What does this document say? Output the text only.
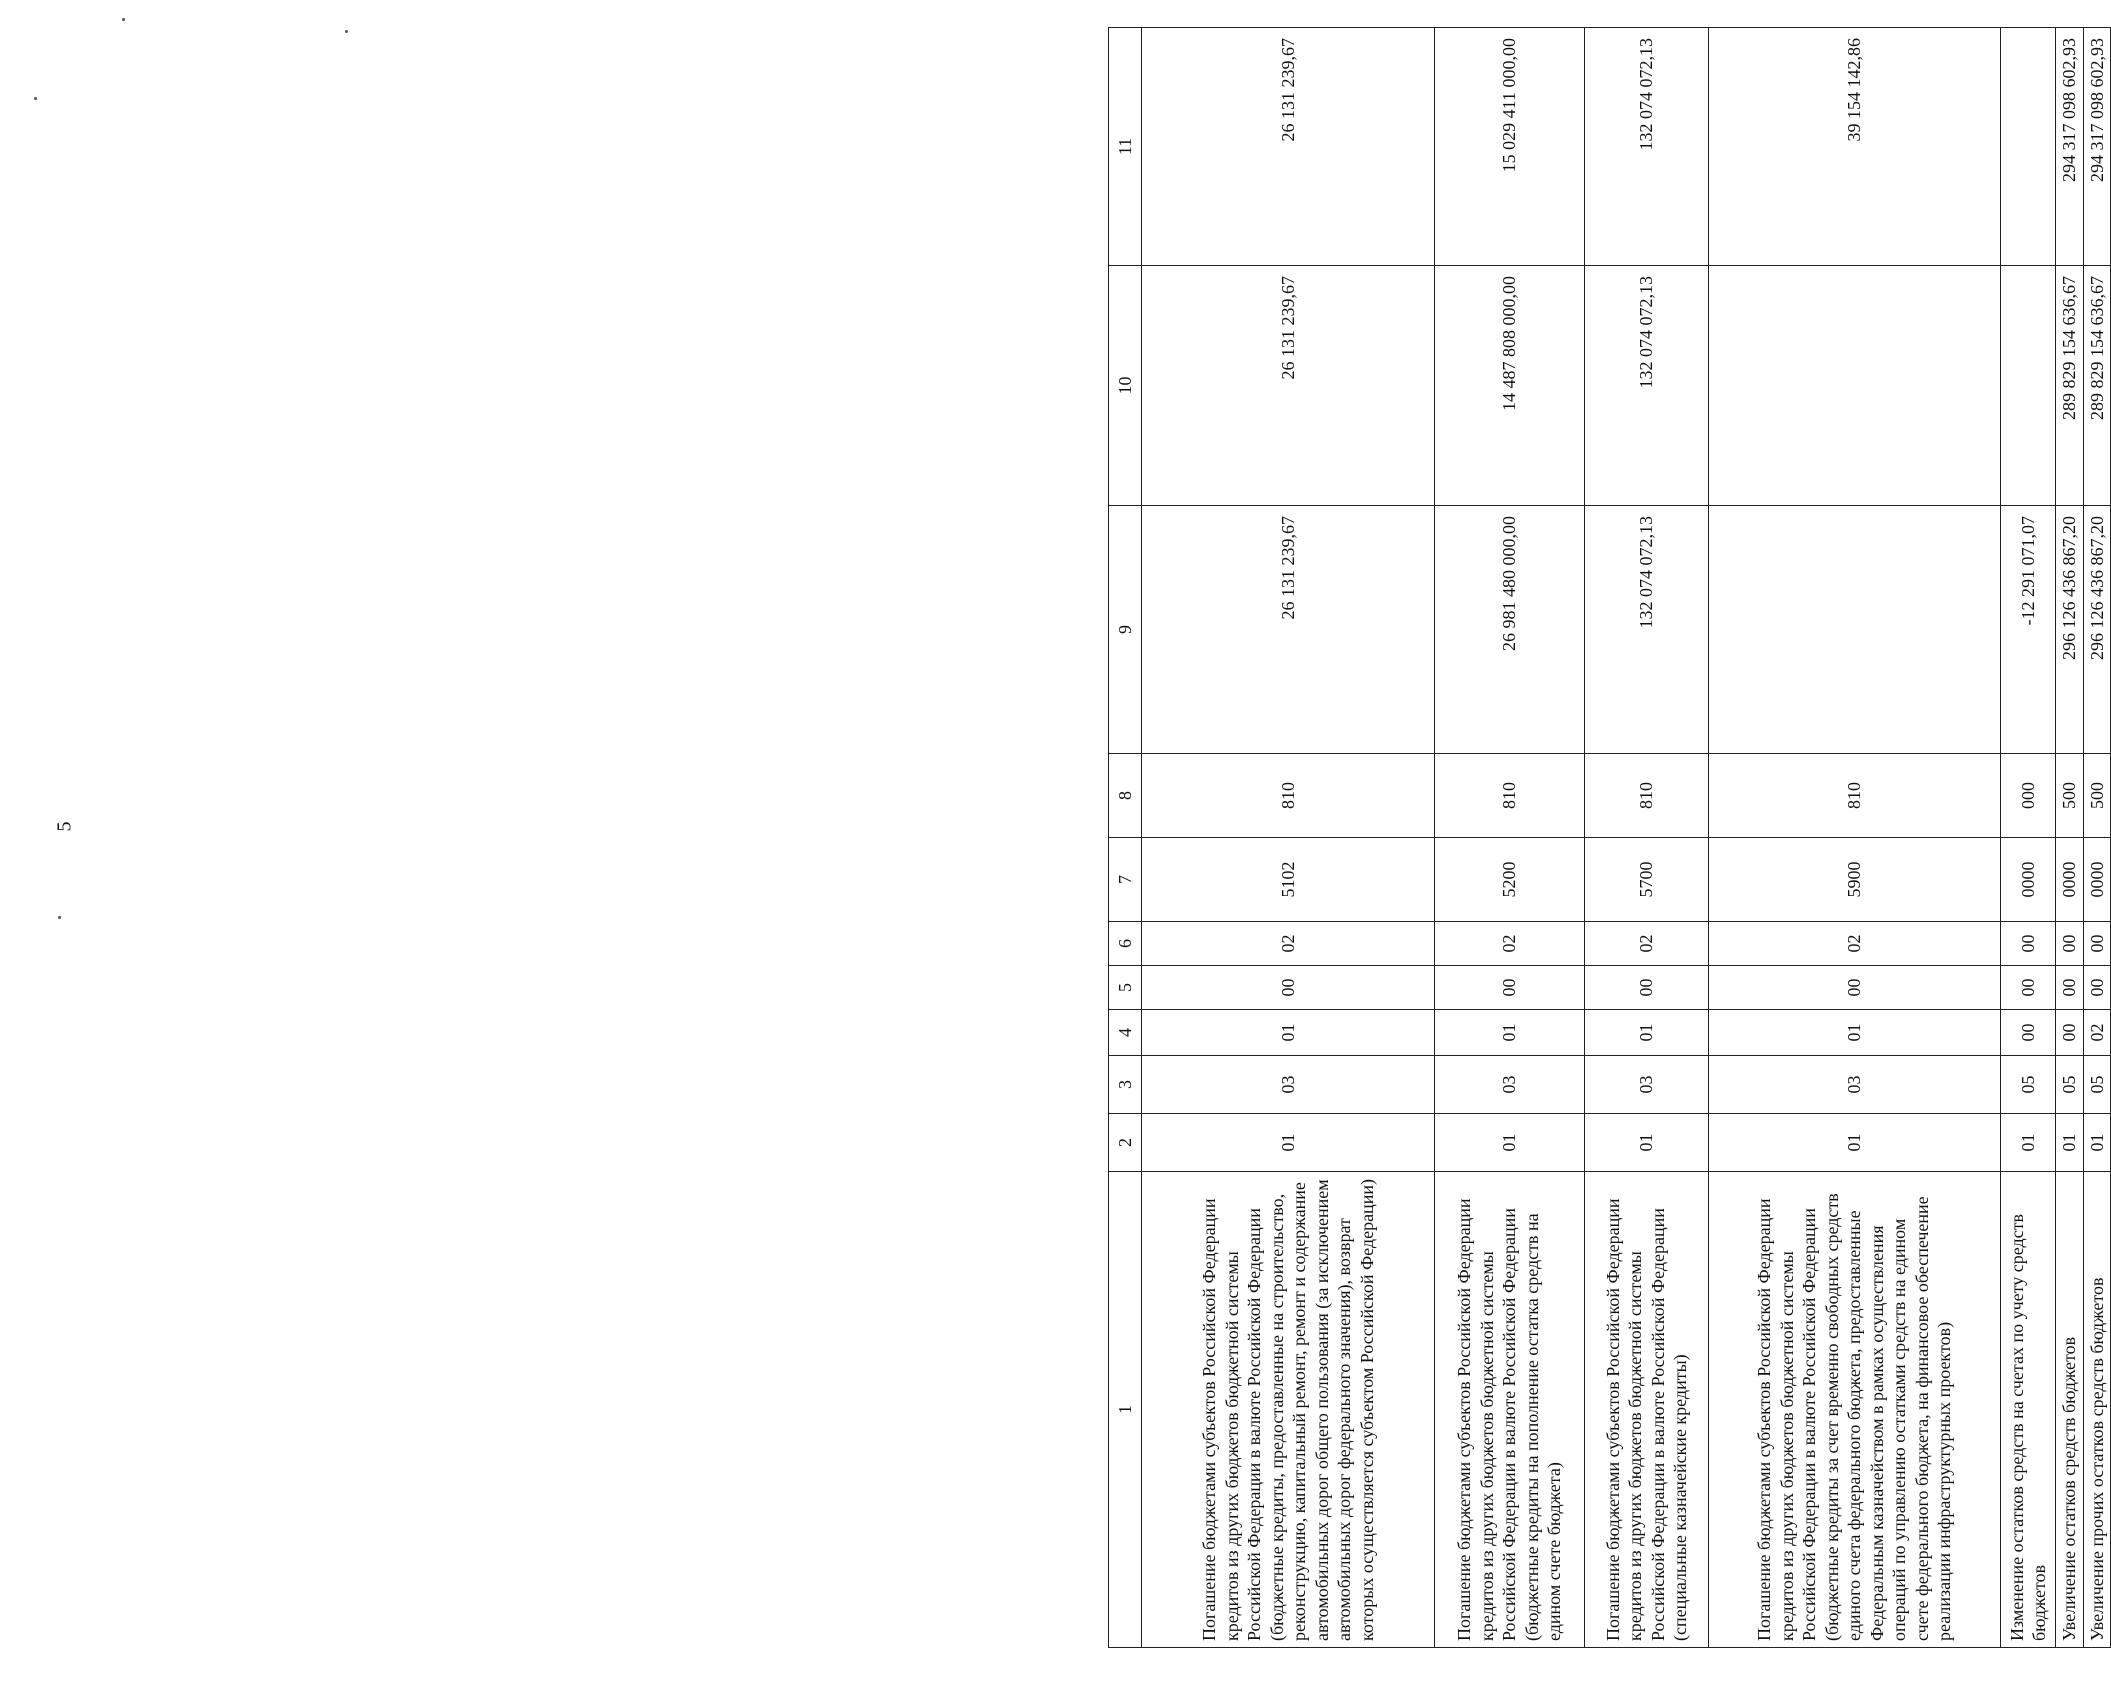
5
1	2	3	4	5	6	7	8	9	10	11
Погашение бюджетами субъектов Российской Федерации кредитов из других бюджетов бюджетной системы Российской Федерации в валюте Российской Федерации (бюджетные кредиты, предоставленные на строительство, реконструкцию, капитальный ремонт, ремонт и содержание автомобильных дорог общего пользования (за исключением автомобильных дорог федерального значения), возврат которых осуществляется субъектом Российской Федерации)	01	03	01	00	02	5102	810	26 131 239,67	26 131 239,67	26 131 239,67
Погашение бюджетами субъектов Российской Федерации кредитов из других бюджетов бюджетной системы Российской Федерации в валюте Российской Федерации (бюджетные кредиты на пополнение остатка средств на едином счете бюджета)	01	03	01	00	02	5200	810	26 981 480 000,00	14 487 808 000,00	15 029 411 000,00
Погашение бюджетами субъектов Российской Федерации кредитов из других бюджетов бюджетной системы Российской Федерации в валюте Российской Федерации (специальные казначейские кредиты)	01	03	01	00	02	5700	810	132 074 072,13	132 074 072,13	132 074 072,13
Погашение бюджетами субъектов Российской Федерации кредитов из других бюджетов бюджетной системы Российской Федерации в валюте Российской Федерации (бюджетные кредиты за счет временно свободных средств единого счета федерального бюджета, предоставленные Федеральным казначейством в рамках осуществления операций по управлению остатками средств на едином счете федерального бюджета, на финансовое обеспечение реализации инфраструктурных проектов)	01	03	01	00	02	5900	810			39 154 142,86
Изменение остатков средств на счетах по учету средств бюджетов	01	05	00	00	00	0000	000	-12 291 071,07		
Увеличение остатков средств бюджетов	01	05	00	00	00	0000	500	296 126 436 867,20	289 829 154 636,67	294 317 098 602,93
Увеличение прочих остатков средств бюджетов	01	05	02	00	00	0000	500	296 126 436 867,20	289 829 154 636,67	294 317 098 602,93
